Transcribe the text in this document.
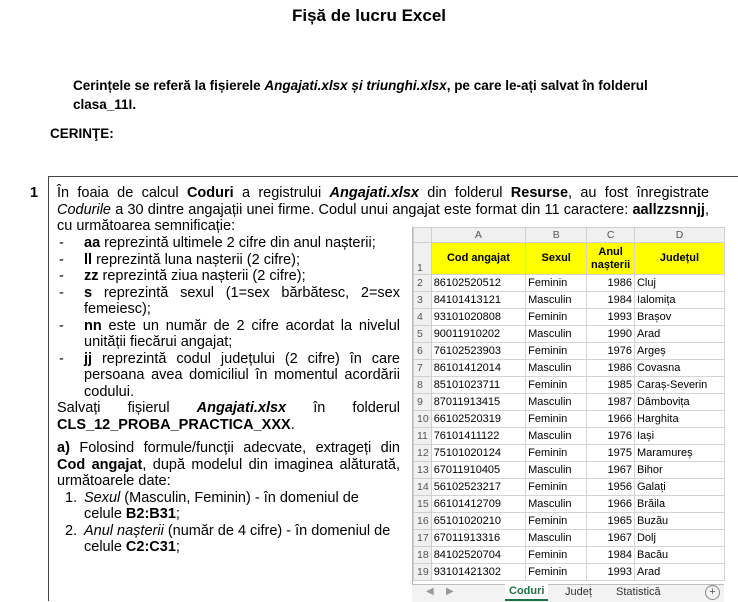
Fișă de lucru Excel
Cerințele se referă la fișierele Angajati.xlsx și triunghi.xlsx, pe care le-ați salvat în folderul
clasa_11I.
CERINŢE:
1 În foaia de calcul Coduri a registrului Angajati.xlsx din folderul Resurse, au fost înregistrate Codurile a 30 dintre angajații unei firme. Codul unui angajat este format din 11 caractere: aallzzsnnjj, cu următoarea semnificație:
- aa reprezintă ultimele 2 cifre din anul nașterii;
- ll reprezintă luna nașterii (2 cifre);
- zz reprezintă ziua nașterii (2 cifre);
- s reprezintă sexul (1=sex bărbătesc, 2=sex femeiesc);
- nn este un număr de 2 cifre acordat la nivelul unității fiecărui angajat;
- jj reprezintă codul județului (2 cifre) în care persoana avea domiciliul în momentul acordării codului.
Salvați fișierul Angajati.xlsx în folderul
CLS_12_PROBA_PRACTICA_XXX.
a) Folosind formule/funcții adecvate, extrageți din Cod angajat, după modelul din imaginea alăturată, următoarele date:
1. Sexul (Masculin, Feminin) - în domeniul de celule B2:B31;
2. Anul nașterii (număr de 4 cifre) - în domeniul de celule C2:C31;
	A	B	C	D
1	Cod angajat	Sexul	Anul nașterii	Județul
2	86102520512	Feminin	1986	Cluj
3	84101413121	Masculin	1984	Ialomița
4	93101020808	Feminin	1993	Brașov
5	90011910202	Masculin	1990	Arad
6	76102523903	Feminin	1976	Argeș
7	86101412014	Masculin	1986	Covasna
8	85101023711	Feminin	1985	Caraș-Severin
9	87011913415	Masculin	1987	Dâmbovița
10	66102520319	Feminin	1966	Harghita
11	76101411122	Masculin	1976	Iași
12	75101020124	Feminin	1975	Maramureș
13	67011910405	Masculin	1967	Bihor
14	56102523217	Feminin	1956	Galați
15	66101412709	Masculin	1966	Brăila
16	65101020210	Feminin	1965	Buzău
17	67011913316	Masculin	1967	Dolj
18	84102520704	Feminin	1984	Bacău
19	93101421302	Feminin	1993	Arad
◀ ▶	Coduri	Județ Statistică	+
